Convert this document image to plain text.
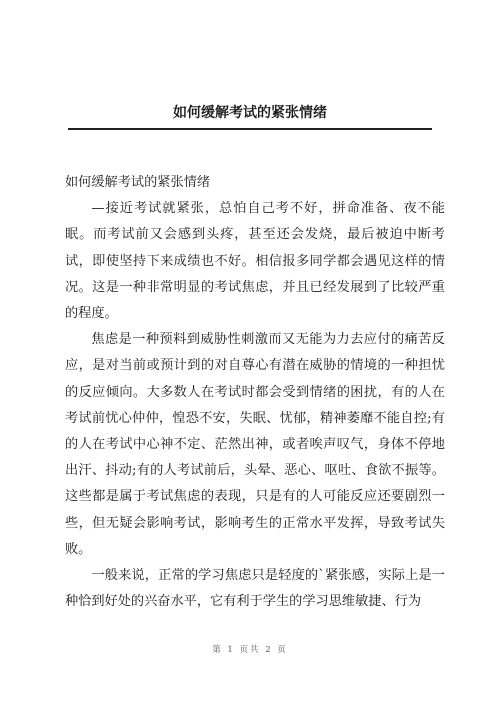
如何缓解考试的紧张情绪

如何缓解考试的紧张情绪

—接近考试就紧张，总怕自己考不好，拼命准备、夜不能眠。而考试前又会感到头疼，甚至还会发烧，最后被迫中断考试，即使坚持下来成绩也不好。相信报多同学都会遇见这样的情况。这是一种非常明显的考试焦虑，并且已经发展到了比较严重的程度。

焦虑是一种预料到威胁性刺激而又无能为力去应付的痛苦反应，是对当前或预计到的对自尊心有潜在威胁的情境的一种担忧的反应倾向。大多数人在考试时都会受到情绪的困扰，有的人在考试前忧心仲仲，惶恐不安，失眠、忧郁，精神萎靡不能自控;有的人在考试中心神不定、茫然出神，或者唉声叹气，身体不停地出汗、抖动;有的人考试前后，头晕、恶心、呕吐、食欲不振等。这些都是属于考试焦虑的表现，只是有的人可能反应还要剧烈一些，但无疑会影响考试，影响考生的正常水平发挥，导致考试失败。

一般来说，正常的学习焦虑只是轻度的`紧张感，实际上是一种恰到好处的兴奋水平，它有利于学生的学习思维敏捷、行为

第 1 页共 2 页
